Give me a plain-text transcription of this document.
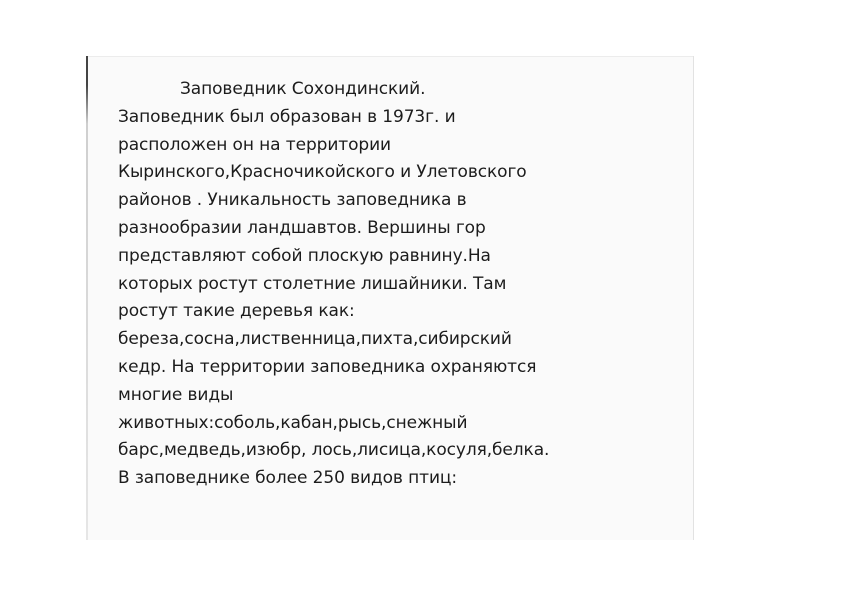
Заповедник Сохондинский.
Заповедник был образован в 1973г. и
расположен он на территории
Кыринского,Красночикойского и Улетовского
районов . Уникальность заповедника в
разнообразии ландшавтов. Вершины гор
представляют собой плоскую равнину.На
которых ростут столетние лишайники. Там
ростут такие деревья как:
береза,сосна,лиственница,пихта,сибирский
кедр. На территории заповедника охраняются
многие виды
животных:соболь,кабан,рысь,снежный
барс,медведь,изюбр, лось,лисица,косуля,белка.
В заповеднике более 250 видов птиц:
